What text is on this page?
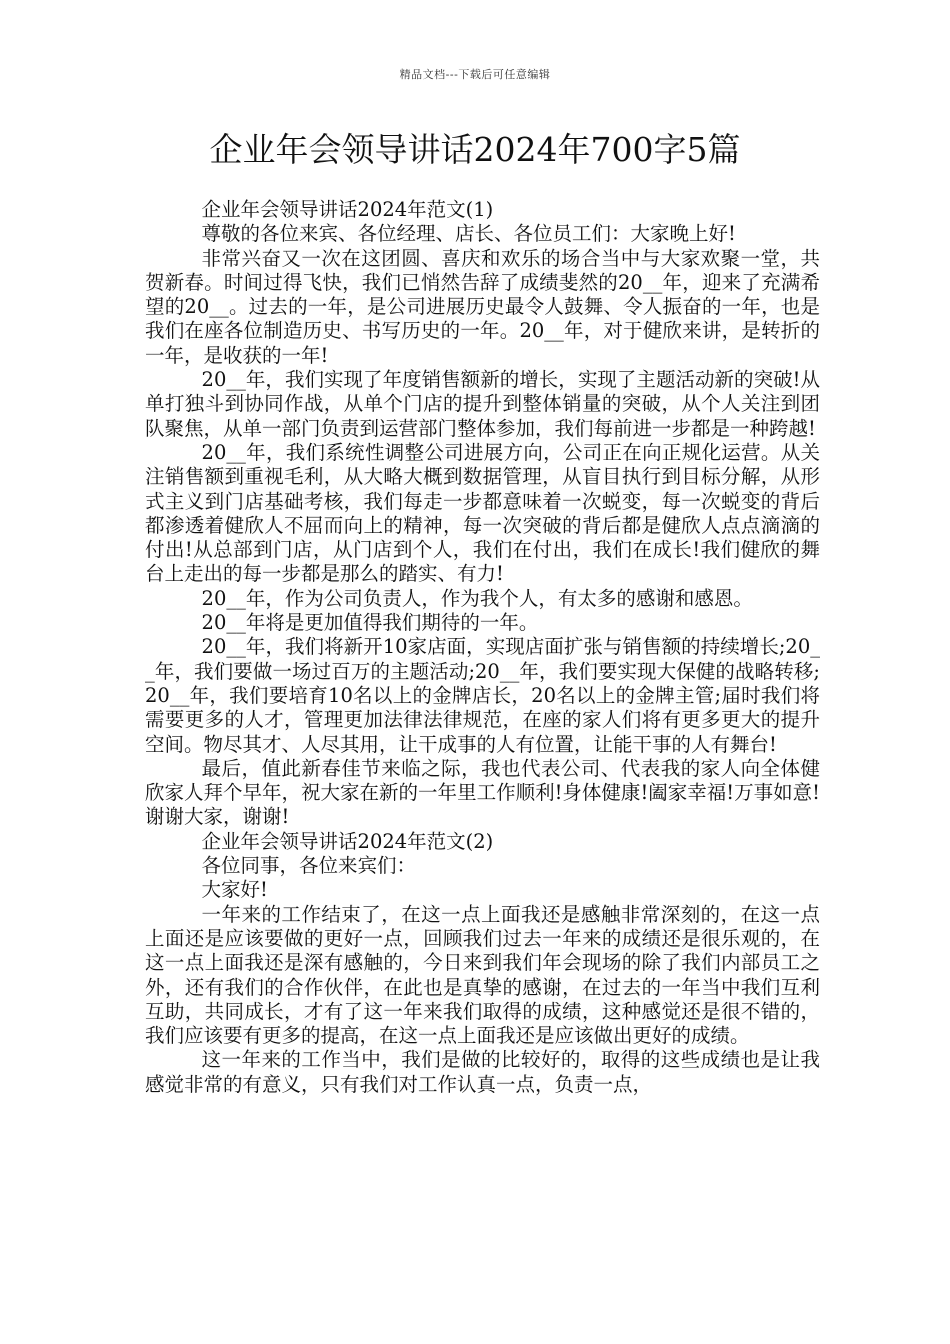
精品文档---下载后可任意编辑
企业年会领导讲话2024年700字5篇

企业年会领导讲话2024年范文(1)

尊敬的各位来宾、各位经理、店长、各位员工们：大家晚上好!

非常兴奋又一次在这团圆、喜庆和欢乐的场合当中与大家欢聚一堂，共贺新春。时间过得飞快，我们已悄然告辞了成绩斐然的20__年，迎来了充满希望的20__。过去的一年，是公司进展历史最令人鼓舞、令人振奋的一年，也是我们在座各位制造历史、书写历史的一年。20__年，对于健欣来讲，是转折的一年，是收获的一年!

20__年，我们实现了年度销售额新的增长，实现了主题活动新的突破!从单打独斗到协同作战，从单个门店的提升到整体销量的突破，从个人关注到团队聚焦，从单一部门负责到运营部门整体参加，我们每前进一步都是一种跨越!

20__年，我们系统性调整公司进展方向，公司正在向正规化运营。从关注销售额到重视毛利，从大略大概到数据管理，从盲目执行到目标分解，从形式主义到门店基础考核，我们每走一步都意味着一次蜕变，每一次蜕变的背后都渗透着健欣人不屈而向上的精神，每一次突破的背后都是健欣人点点滴滴的付出!从总部到门店，从门店到个人，我们在付出，我们在成长!我们健欣的舞台上走出的每一步都是那么的踏实、有力!

20__年，作为公司负责人，作为我个人，有太多的感谢和感恩。

20__年将是更加值得我们期待的一年。

20__年，我们将新开10家店面，实现店面扩张与销售额的持续增长;20__年，我们要做一场过百万的主题活动;20__年，我们要实现大保健的战略转移;20__年，我们要培育10名以上的金牌店长，20名以上的金牌主管;届时我们将需要更多的人才，管理更加法律法律规范，在座的家人们将有更多更大的提升空间。物尽其才、人尽其用，让干成事的人有位置，让能干事的人有舞台!

最后，值此新春佳节来临之际，我也代表公司、代表我的家人向全体健欣家人拜个早年，祝大家在新的一年里工作顺利!身体健康!阖家幸福!万事如意!谢谢大家，谢谢!

企业年会领导讲话2024年范文(2)

各位同事，各位来宾们：

大家好!

一年来的工作结束了，在这一点上面我还是感触非常深刻的，在这一点上面还是应该要做的更好一点，回顾我们过去一年来的成绩还是很乐观的，在这一点上面我还是深有感触的，今日来到我们年会现场的除了我们内部员工之外，还有我们的合作伙伴，在此也是真挚的感谢，在过去的一年当中我们互利互助，共同成长，才有了这一年来我们取得的成绩，这种感觉还是很不错的，我们应该要有更多的提高，在这一点上面我还是应该做出更好的成绩。

这一年来的工作当中，我们是做的比较好的，取得的这些成绩也是让我感觉非常的有意义，只有我们对工作认真一点，负责一点，
